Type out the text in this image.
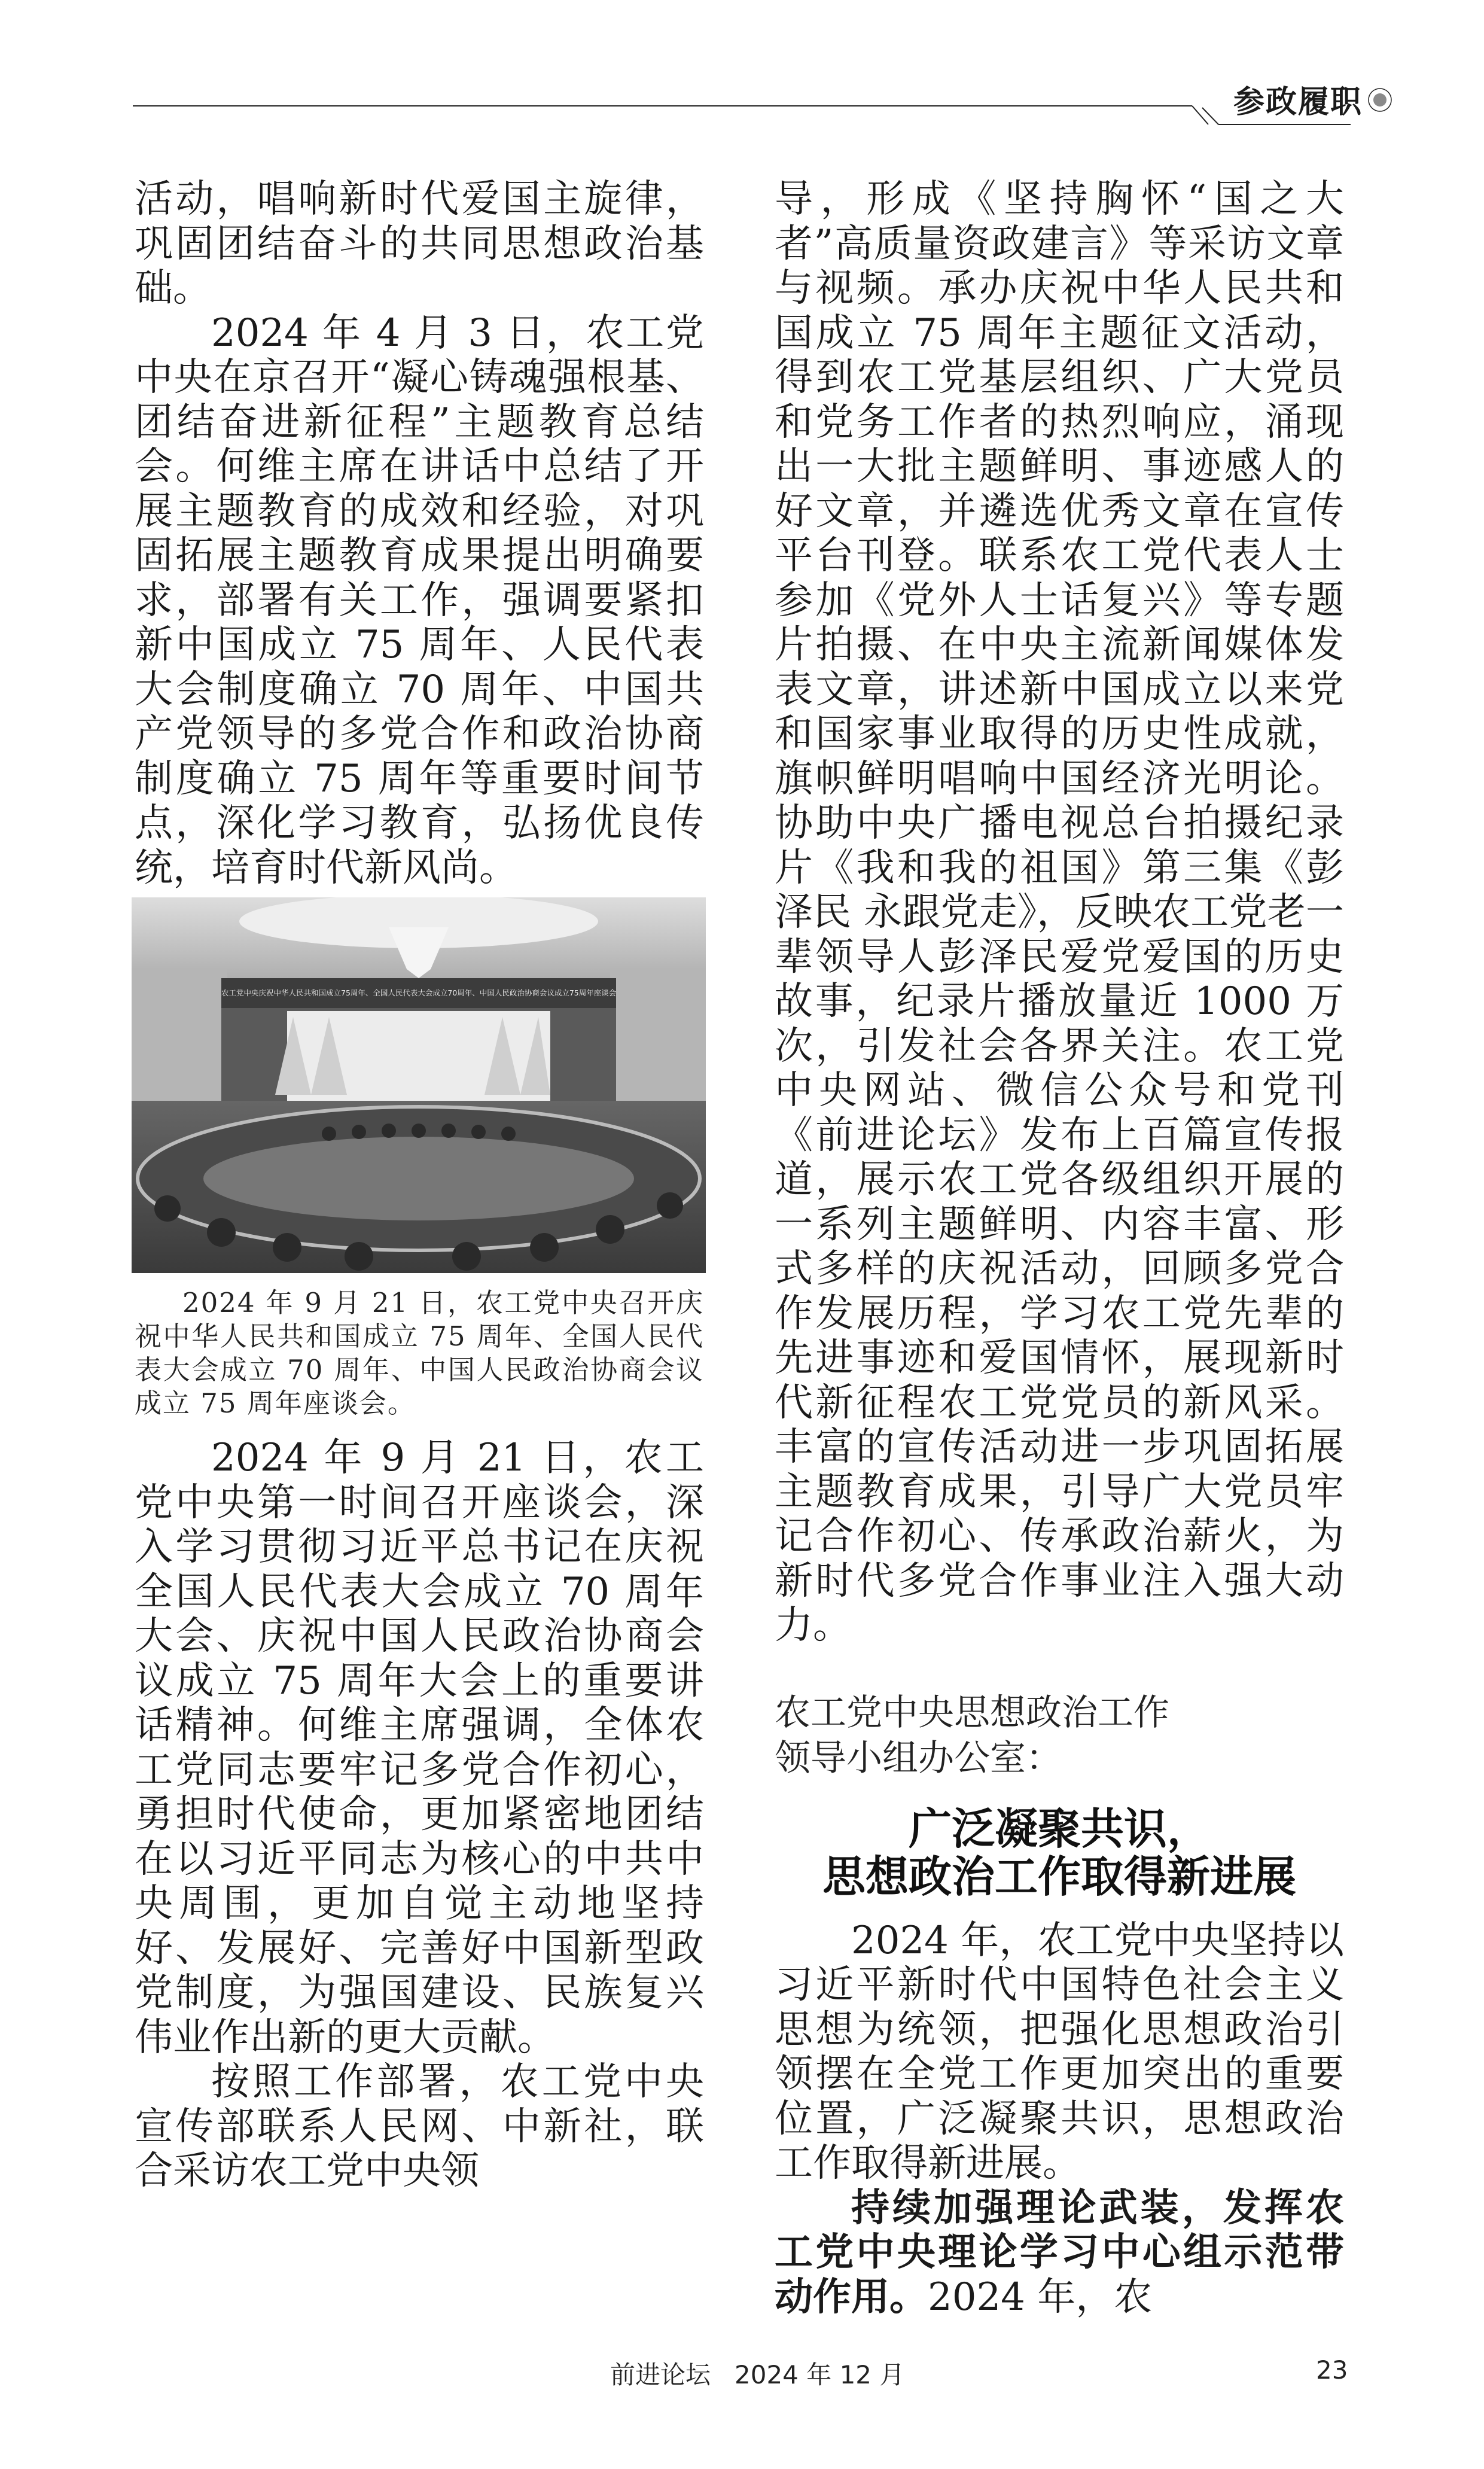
参政履职

活动，唱响新时代爱国主旋律，巩固团结奋斗的共同思想政治基础。

2024 年 4 月 3 日，农工党中央在京召开“凝心铸魂强根基、团结奋进新征程”主题教育总结会。何维主席在讲话中总结了开展主题教育的成效和经验，对巩固拓展主题教育成果提出明确要求，部署有关工作，强调要紧扣新中国成立 75 周年、人民代表大会制度确立 70 周年、中国共产党领导的多党合作和政治协商制度确立 75 周年等重要时间节点，深化学习教育，弘扬优良传统，培育时代新风尚。

农工党中央庆祝中华人民共和国成立75周年、全国人民代表大会成立70周年、中国人民政治协商会议成立75周年座谈会
2024 年 9 月 21 日，农工党中央召开庆祝中华人民共和国成立 75 周年、全国人民代表大会成立 70 周年、中国人民政治协商会议成立 75 周年座谈会。

2024 年 9 月 21 日，农工党中央第一时间召开座谈会，深入学习贯彻习近平总书记在庆祝全国人民代表大会成立 70 周年大会、庆祝中国人民政治协商会议成立 75 周年大会上的重要讲话精神。何维主席强调，全体农工党同志要牢记多党合作初心，勇担时代使命，更加紧密地团结在以习近平同志为核心的中共中央周围，更加自觉主动地坚持好、发展好、完善好中国新型政党制度，为强国建设、民族复兴伟业作出新的更大贡献。

按照工作部署，农工党中央宣传部联系人民网、中新社，联合采访农工党中央领

导，形成《坚持胸怀“国之大者”高质量资政建言》等采访文章与视频。承办庆祝中华人民共和国成立 75 周年主题征文活动，得到农工党基层组织、广大党员和党务工作者的热烈响应，涌现出一大批主题鲜明、事迹感人的好文章，并遴选优秀文章在宣传平台刊登。联系农工党代表人士参加《党外人士话复兴》等专题片拍摄、在中央主流新闻媒体发表文章，讲述新中国成立以来党和国家事业取得的历史性成就，旗帜鲜明唱响中国经济光明论。协助中央广播电视总台拍摄纪录片《我和我的祖国》第三集《彭泽民 永跟党走》，反映农工党老一辈领导人彭泽民爱党爱国的历史故事，纪录片播放量近 1000 万次，引发社会各界关注。农工党中央网站、微信公众号和党刊《前进论坛》发布上百篇宣传报道，展示农工党各级组织开展的一系列主题鲜明、内容丰富、形式多样的庆祝活动，回顾多党合作发展历程，学习农工党先辈的先进事迹和爱国情怀，展现新时代新征程农工党党员的新风采。丰富的宣传活动进一步巩固拓展主题教育成果，引导广大党员牢记合作初心、传承政治薪火，为新时代多党合作事业注入强大动力。

农工党中央思想政治工作
领导小组办公室：
广泛凝聚共识，
思想政治工作取得新进展

2024 年，农工党中央坚持以习近平新时代中国特色社会主义思想为统领，把强化思想政治引领摆在全党工作更加突出的重要位置，广泛凝聚共识，思想政治工作取得新进展。

持续加强理论武装，发挥农工党中央理论学习中心组示范带动作用。2024 年，农

前进论坛 2024 年 12 月	23
